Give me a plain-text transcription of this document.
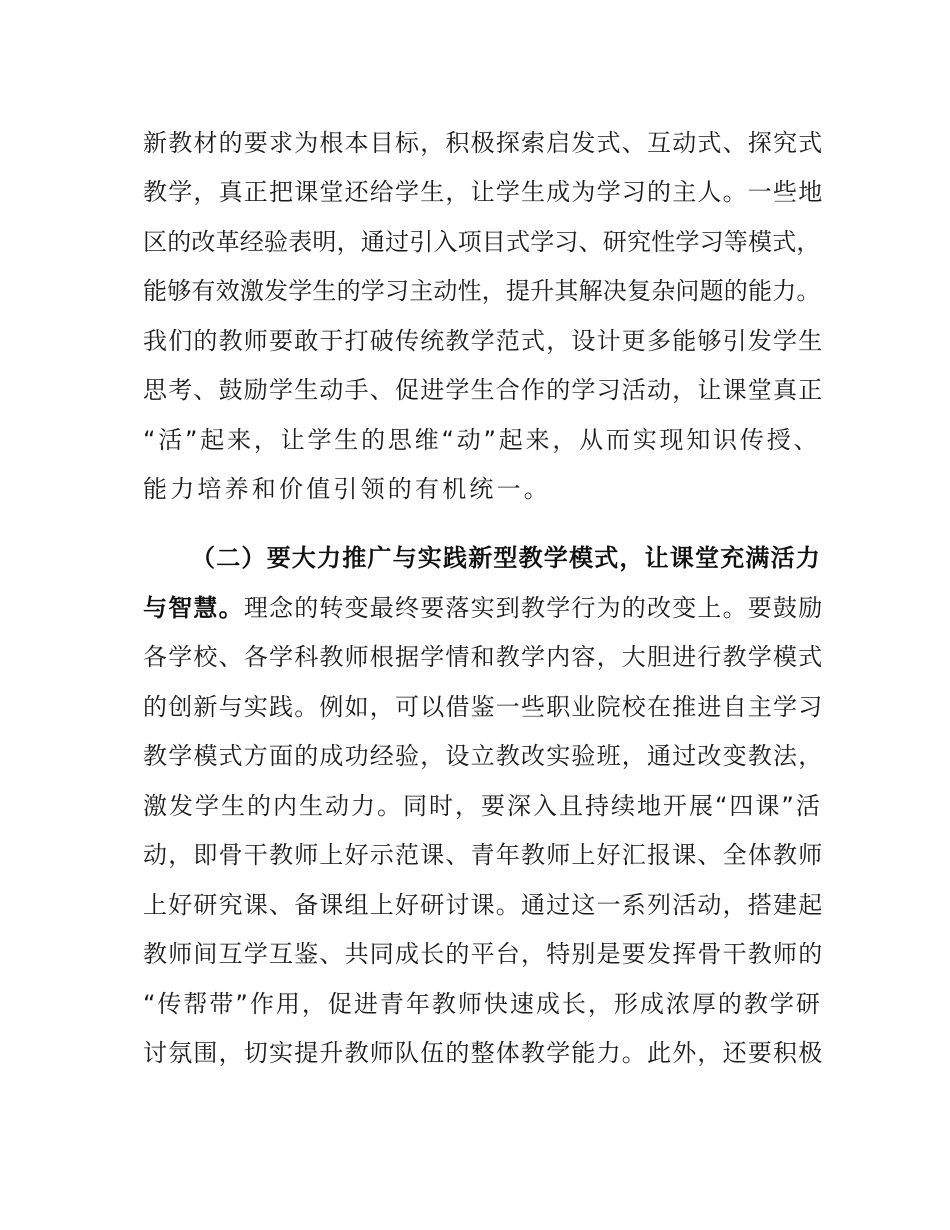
新教材的要求为根本目标，积极探索启发式、互动式、探究式
教学，真正把课堂还给学生，让学生成为学习的主人。一些地
区的改革经验表明，通过引入项目式学习、研究性学习等模式，
能够有效激发学生的学习主动性，提升其解决复杂问题的能力。
我们的教师要敢于打破传统教学范式，设计更多能够引发学生
思考、鼓励学生动手、促进学生合作的学习活动，让课堂真正
“活”起来，让学生的思维“动”起来，从而实现知识传授、
能力培养和价值引领的有机统一。
（二）要大力推广与实践新型教学模式，让课堂充满活力
与智慧。理念的转变最终要落实到教学行为的改变上。要鼓励
各学校、各学科教师根据学情和教学内容，大胆进行教学模式
的创新与实践。例如，可以借鉴一些职业院校在推进自主学习
教学模式方面的成功经验，设立教改实验班，通过改变教法，
激发学生的内生动力。同时，要深入且持续地开展“四课”活
动，即骨干教师上好示范课、青年教师上好汇报课、全体教师
上好研究课、备课组上好研讨课。通过这一系列活动，搭建起
教师间互学互鉴、共同成长的平台，特别是要发挥骨干教师的
“传帮带”作用，促进青年教师快速成长，形成浓厚的教学研
讨氛围，切实提升教师队伍的整体教学能力。此外，还要积极
